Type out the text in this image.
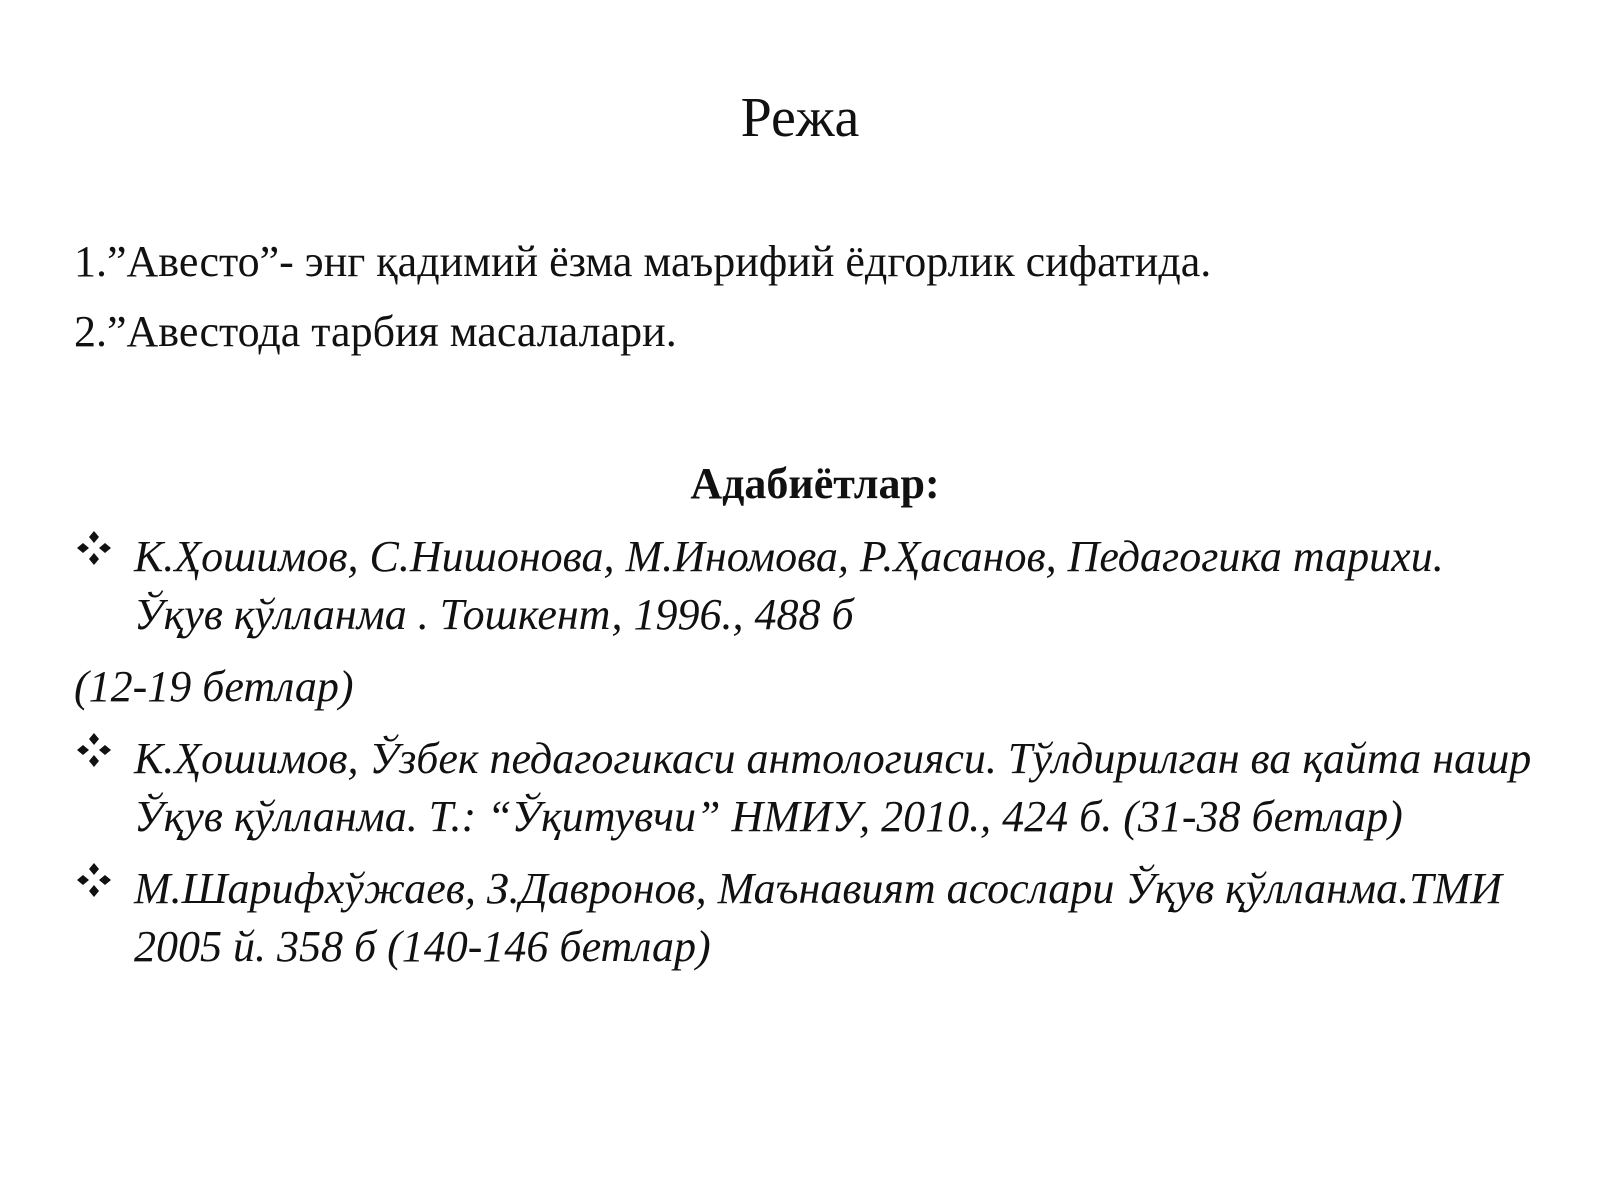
Режа

1.”Авесто”- энг қадимий ёзма маърифий ёдгорлик сифатида.

2.”Авестода тарбия масалалари.

Адабиётлар:
К.Ҳошимов, С.Нишонова, М.Иномова, Р.Ҳасанов, Педагогика тарихи. Ўқув қўлланма . Тошкент, 1996., 488 б
(12-19 бетлар)
К.Ҳошимов, Ўзбек педагогикаси антологияси. Тўлдирилган ва қайта нашр Ўқув қўлланма. Т.: “Ўқитувчи” НМИУ, 2010., 424 б. (31-38 бетлар)
М.Шарифхўжаев, З.Давронов, Маънавият асослари Ўқув қўлланма.ТМИ 2005 й. 358 б (140-146 бетлар)
